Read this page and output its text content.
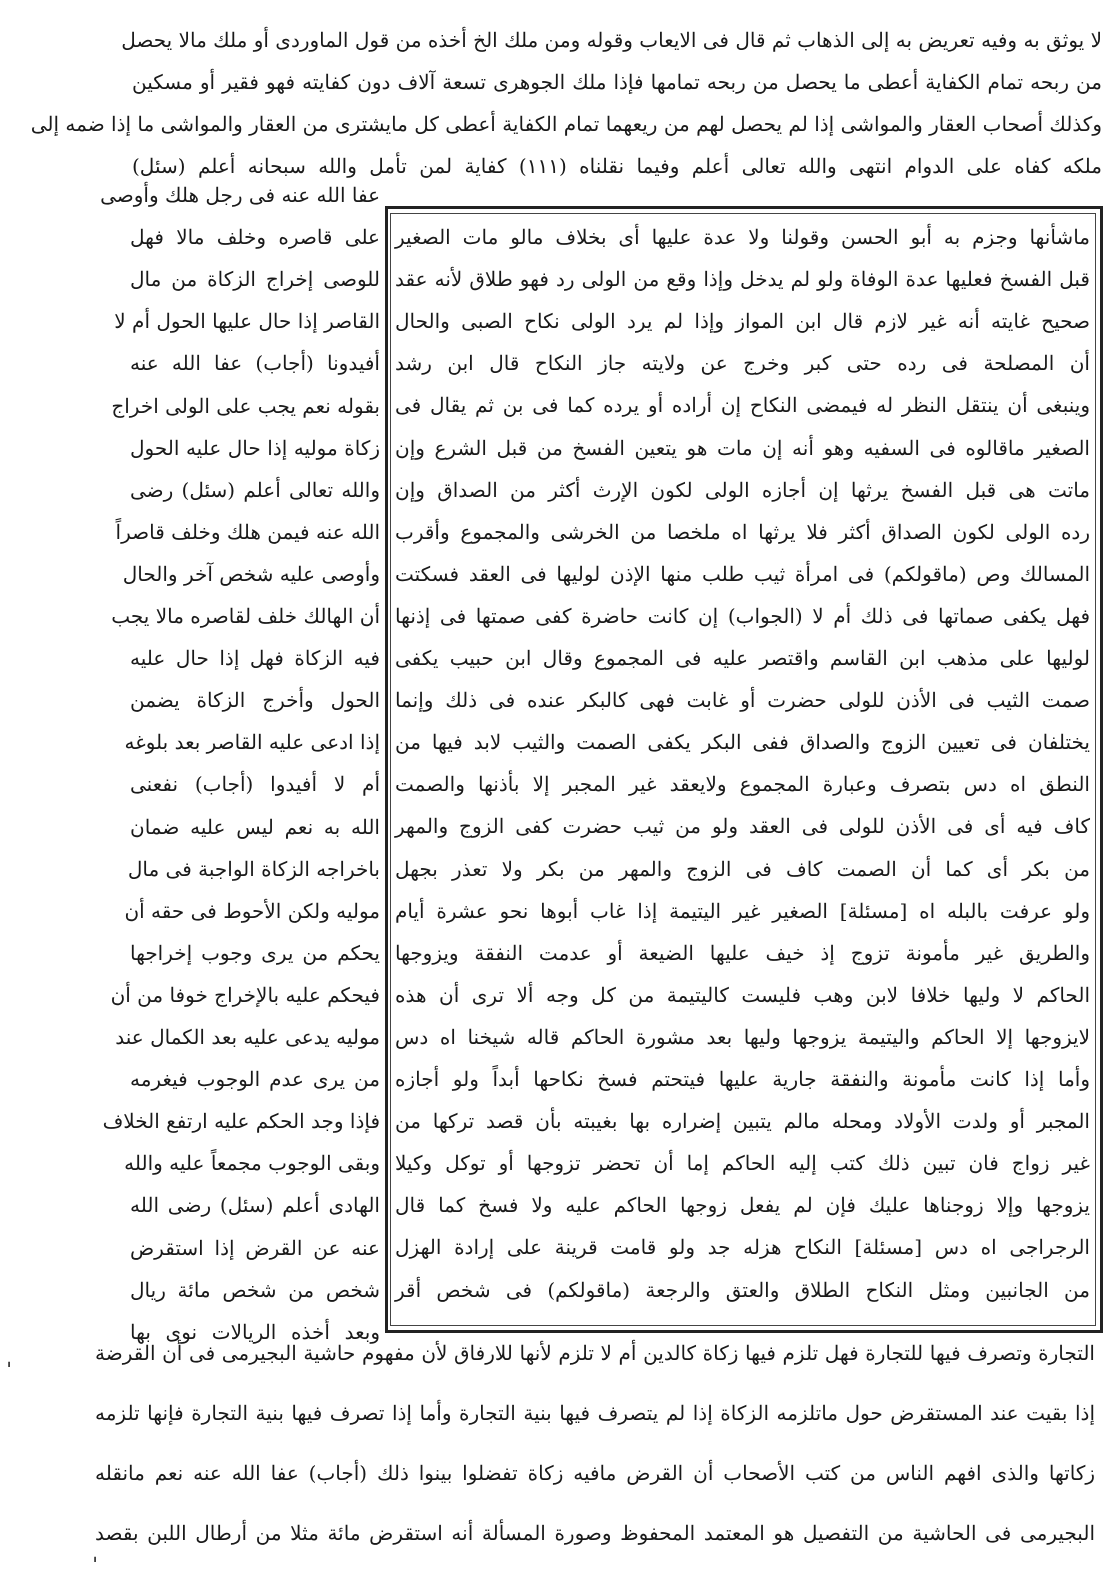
لا يوثق به وفيه تعريض به إلى الذهاب ثم قال فى الايعاب وقوله ومن ملك الخ أخذه من قول الماوردى أو ملك مالا يحصل
من ربحه تمام الكفاية أعطى ما يحصل من ربحه تمامها فإذا ملك الجوهرى تسعة آلاف دون كفايته فهو فقير أو مسكين
وكذلك أصحاب العقار والمواشى إذا لم يحصل لهم من ريعهما تمام الكفاية أعطى كل مايشترى من العقار والمواشى ما إذا ضمه إلى
ملكه كفاه على الدوام انتهى والله تعالى أعلم وفيما نقلناه (١١١) كفاية لمن تأمل والله سبحانه أعلم (سئل)
ماشأنها وجزم به أبو الحسن وقولنا ولا عدة عليها أى بخلاف مالو مات الصغير
قبل الفسخ فعليها عدة الوفاة ولو لم يدخل وإذا وقع من الولى رد فهو طلاق لأنه عقد
صحيح غايته أنه غير لازم قال ابن المواز وإذا لم يرد الولى نكاح الصبى والحال
أن المصلحة فى رده حتى كبر وخرج عن ولايته جاز النكاح قال ابن رشد
وينبغى أن ينتقل النظر له فيمضى النكاح إن أراده أو يرده كما فى بن ثم يقال فى
الصغير ماقالوه فى السفيه وهو أنه إن مات هو يتعين الفسخ من قبل الشرع وإن
ماتت هى قبل الفسخ يرثها إن أجازه الولى لكون الإرث أكثر من الصداق وإن
رده الولى لكون الصداق أكثر فلا يرثها اه ملخصا من الخرشى والمجموع وأقرب
المسالك وص (ماقولكم) فى امرأة ثيب طلب منها الإذن لوليها فى العقد فسكتت
فهل يكفى صماتها فى ذلك أم لا (الجواب) إن كانت حاضرة كفى صمتها فى إذنها
لوليها على مذهب ابن القاسم واقتصر عليه فى المجموع وقال ابن حبيب يكفى
صمت الثيب فى الأذن للولى حضرت أو غابت فهى كالبكر عنده فى ذلك وإنما
يختلفان فى تعيين الزوج والصداق ففى البكر يكفى الصمت والثيب لابد فيها من
النطق اه دس بتصرف وعبارة المجموع ولايعقد غير المجبر إلا بأذنها والصمت
كاف فيه أى فى الأذن للولى فى العقد ولو من ثيب حضرت كفى الزوج والمهر
من بكر أى كما أن الصمت كاف فى الزوج والمهر من بكر ولا تعذر بجهل
ولو عرفت بالبله اه [مسئلة] الصغير غير اليتيمة إذا غاب أبوها نحو عشرة أيام
والطريق غير مأمونة تزوج إذ خيف عليها الضيعة أو عدمت النفقة ويزوجها
الحاكم لا وليها خلافا لابن وهب فليست كاليتيمة من كل وجه ألا ترى أن هذه
لايزوجها إلا الحاكم واليتيمة يزوجها وليها بعد مشورة الحاكم قاله شيخنا اه دس
وأما إذا كانت مأمونة والنفقة جارية عليها فيتحتم فسخ نكاحها أبداً ولو أجازه
المجبر أو ولدت الأولاد ومحله مالم يتبين إضراره بها بغيبته بأن قصد تركها من
غير زواج فان تبين ذلك كتب إليه الحاكم إما أن تحضر تزوجها أو توكل وكيلا
يزوجها وإلا زوجناها عليك فإن لم يفعل زوجها الحاكم عليه ولا فسخ كما قال
الرجراجى اه دس [مسئلة] النكاح هزله جد ولو قامت قرينة على إرادة الهزل
من الجانبين ومثل النكاح الطلاق والعتق والرجعة (ماقولكم) فى شخص أقر
عفا الله عنه فى رجل هلك وأوصى
على قاصره وخلف مالا فهل
للوصى إخراج الزكاة من مال
القاصر إذا حال عليها الحول أم لا
أفيدونا (أجاب) عفا الله عنه
بقوله نعم يجب على الولى اخراج
زكاة موليه إذا حال عليه الحول
والله تعالى أعلم (سئل) رضى
الله عنه فيمن هلك وخلف قاصراً
وأوصى عليه شخص آخر والحال
أن الهالك خلف لقاصره مالا يجب
فيه الزكاة فهل إذا حال عليه
الحول وأخرج الزكاة يضمن
إذا ادعى عليه القاصر بعد بلوغه
أم لا أفيدوا (أجاب) نفعنى
الله به نعم ليس عليه ضمان
باخراجه الزكاة الواجبة فى مال
موليه ولكن الأحوط فى حقه أن
يحكم من يرى وجوب إخراجها
فيحكم عليه بالإخراج خوفا من أن
موليه يدعى عليه بعد الكمال عند
من يرى عدم الوجوب فيغرمه
فإذا وجد الحكم عليه ارتفع الخلاف
وبقى الوجوب مجمعاً عليه والله
الهادى أعلم (سئل) رضى الله
عنه عن القرض إذا استقرض
شخص من شخص مائة ريال
وبعد أخذه الريالات نوى بها
التجارة وتصرف فيها للتجارة فهل تلزم فيها زكاة كالدين أم لا تلزم لأنها للارفاق لأن مفهوم حاشية البجيرمى فى أن القرضة
إذا بقيت عند المستقرض حول ماتلزمه الزكاة إذا لم يتصرف فيها بنية التجارة وأما إذا تصرف فيها بنية التجارة فإنها تلزمه
زكاتها والذى افهم الناس من كتب الأصحاب أن القرض مافيه زكاة تفضلوا بينوا ذلك (أجاب) عفا الله عنه نعم مانقله
البجيرمى فى الحاشية من التفصيل هو المعتمد المحفوظ وصورة المسألة أنه استقرض مائة مثلا من أرطال اللبن بقصد
ˌ
ˌ
